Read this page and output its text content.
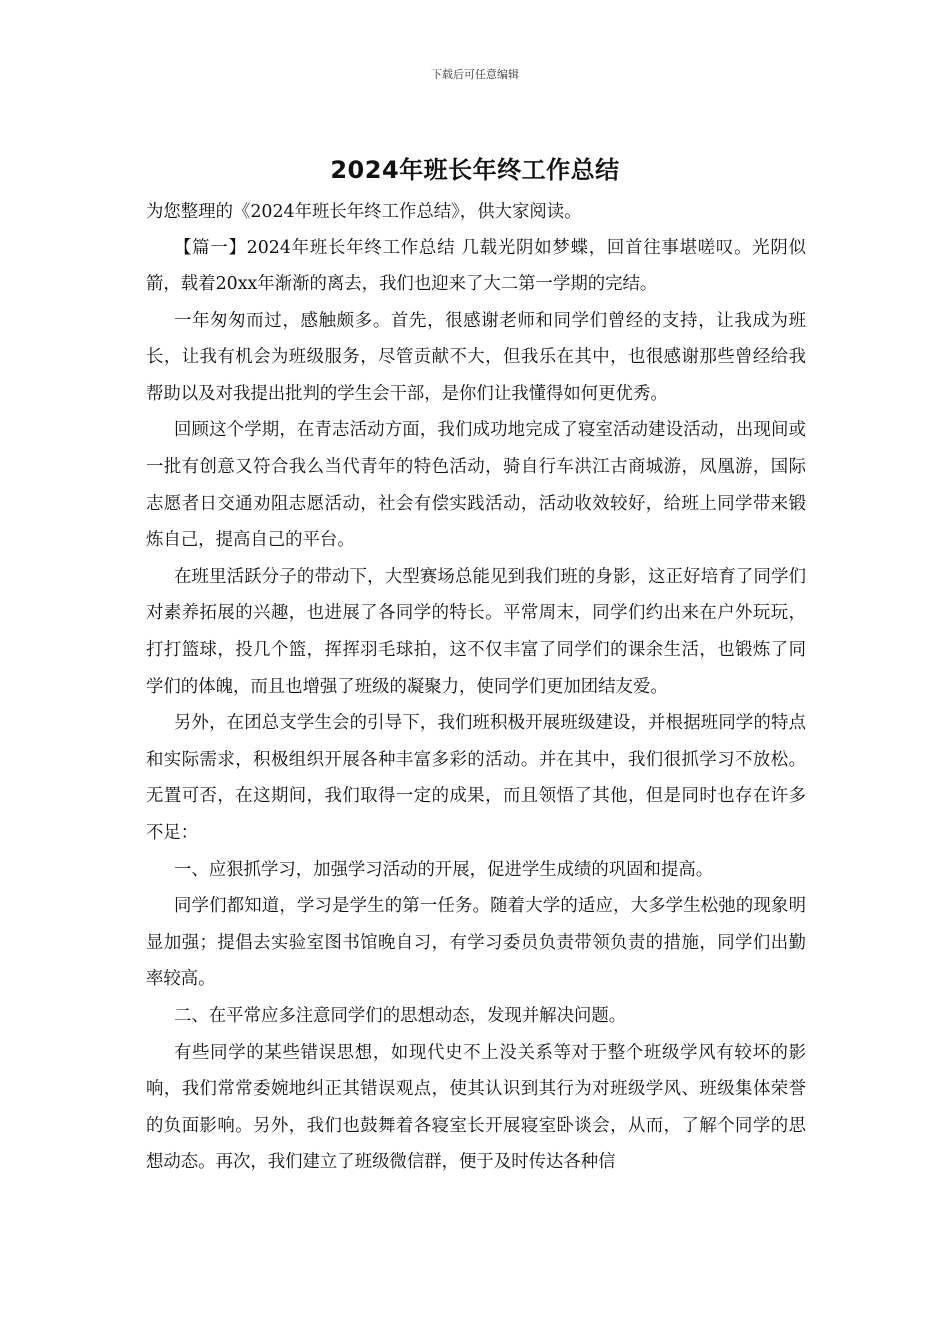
下载后可任意编辑
2024年班长年终工作总结

为您整理的《2024年班长年终工作总结》，供大家阅读。

【篇一】2024年班长年终工作总结 几载光阴如梦蝶，回首往事堪嗟叹。光阴似箭，载着20xx年渐渐的离去，我们也迎来了大二第一学期的完结。

一年匆匆而过，感触颇多。首先，很感谢老师和同学们曾经的支持，让我成为班长，让我有机会为班级服务，尽管贡献不大，但我乐在其中，也很感谢那些曾经给我帮助以及对我提出批判的学生会干部，是你们让我懂得如何更优秀。

回顾这个学期，在青志活动方面，我们成功地完成了寝室活动建设活动，出现间或一批有创意又符合我么当代青年的特色活动，骑自行车洪江古商城游，凤凰游，国际志愿者日交通劝阻志愿活动，社会有偿实践活动，活动收效较好，给班上同学带来锻炼自己，提高自己的平台。

在班里活跃分子的带动下，大型赛场总能见到我们班的身影，这正好培育了同学们对素养拓展的兴趣，也进展了各同学的特长。平常周末，同学们约出来在户外玩玩，打打篮球，投几个篮，挥挥羽毛球拍，这不仅丰富了同学们的课余生活，也锻炼了同学们的体魄，而且也增强了班级的凝聚力，使同学们更加团结友爱。

另外，在团总支学生会的引导下，我们班积极开展班级建设，并根据班同学的特点和实际需求，积极组织开展各种丰富多彩的活动。并在其中，我们很抓学习不放松。无置可否，在这期间，我们取得一定的成果，而且领悟了其他，但是同时也存在许多不足：

一、应狠抓学习，加强学习活动的开展，促进学生成绩的巩固和提高。

同学们都知道，学习是学生的第一任务。随着大学的适应，大多学生松弛的现象明显加强；提倡去实验室图书馆晚自习，有学习委员负责带领负责的措施，同学们出勤率较高。

二、在平常应多注意同学们的思想动态，发现并解决问题。

有些同学的某些错误思想，如现代史不上没关系等对于整个班级学风有较坏的影响，我们常常委婉地纠正其错误观点，使其认识到其行为对班级学风、班级集体荣誉的负面影响。另外，我们也鼓舞着各寝室长开展寝室卧谈会，从而，了解个同学的思想动态。再次，我们建立了班级微信群，便于及时传达各种信
